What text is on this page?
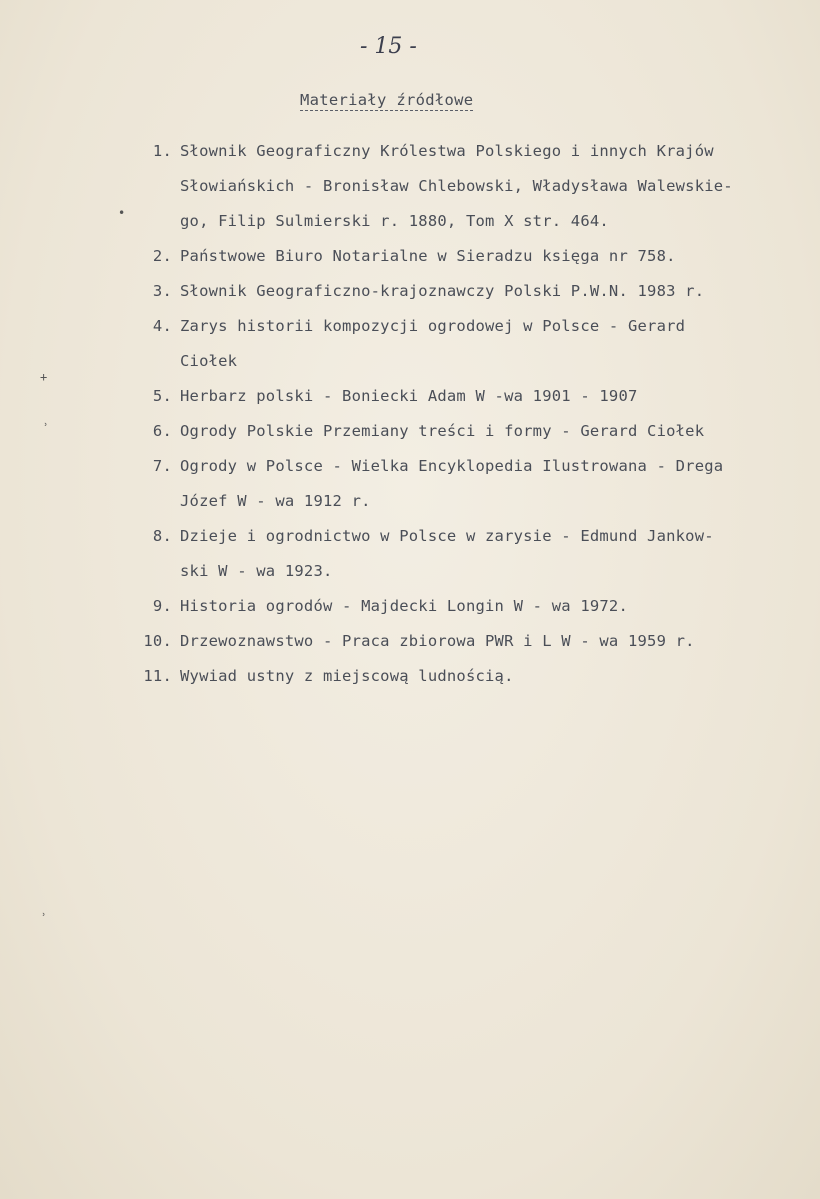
- 15 -
Materiały źródłowe
1. Słownik Geograficzny Królestwa Polskiego i innych Krajów
Słowiańskich - Bronisław Chlebowski, Władysława Walewskie-
go, Filip Sulmierski r. 1880, Tom X str. 464.
2. Państwowe Biuro Notarialne w Sieradzu księga nr 758.
3. Słownik Geograficzno-krajoznawczy Polski P.W.N. 1983 r.
4. Zarys historii kompozycji ogrodowej w Polsce - Gerard
Ciołek
5. Herbarz polski - Boniecki Adam W -wa 1901 - 1907
6. Ogrody Polskie Przemiany treści i formy - Gerard Ciołek
7. Ogrody w Polsce - Wielka Encyklopedia Ilustrowana - Drega
Józef W - wa 1912 r.
8. Dzieje i ogrodnictwo w Polsce w zarysie - Edmund Jankow-
ski W - wa 1923.
9. Historia ogrodów - Majdecki Longin W - wa 1972.
10. Drzewoznawstwo - Praca zbiorowa PWR i L W - wa 1959 r.
11. Wywiad ustny z miejscową ludnością.
•
+
˒
˒
